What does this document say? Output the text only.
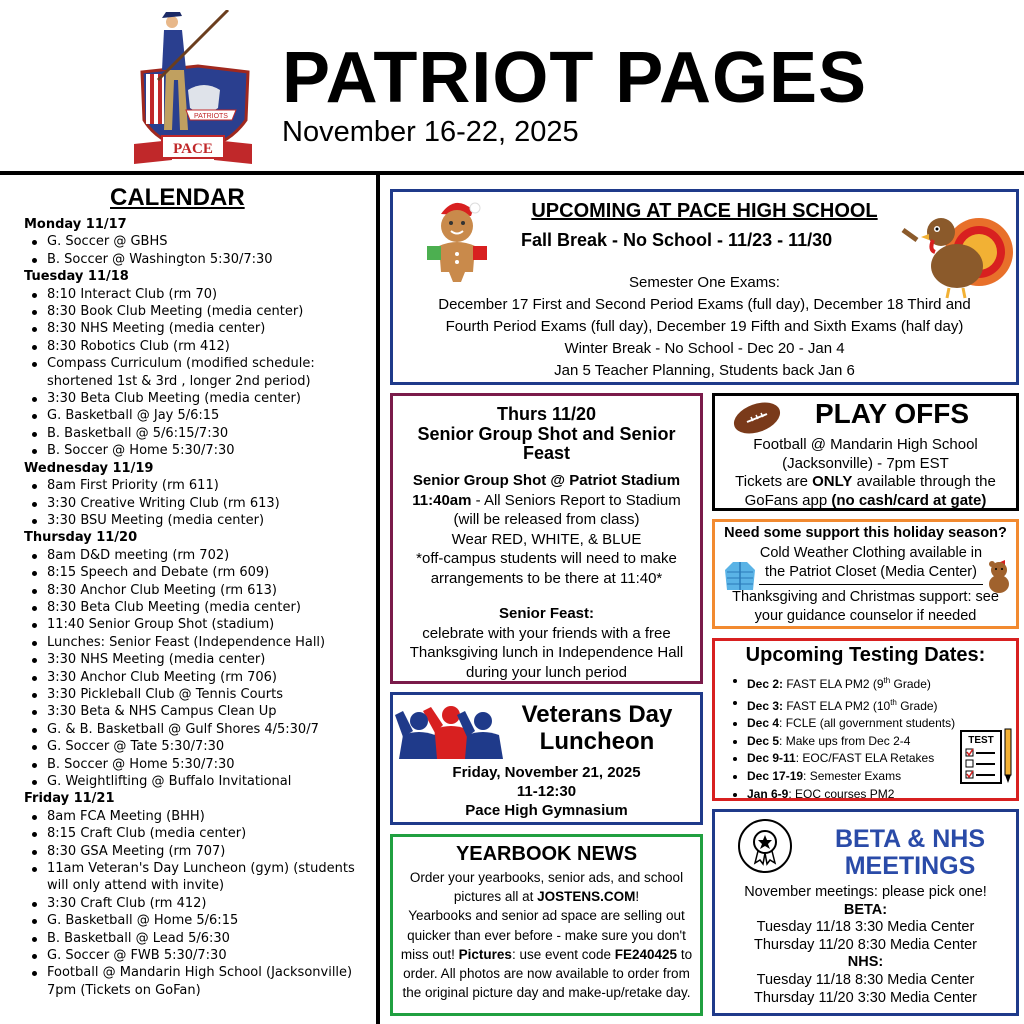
PATRIOTS
PACE
PATRIOT PAGES
November 16-22, 2025
CALENDAR
Monday 11/17
G. Soccer @ GBHS
B. Soccer @ Washington 5:30/7:30
Tuesday 11/18
8:10 Interact Club (rm 70)
8:30 Book Club Meeting (media center)
8:30 NHS Meeting (media center)
8:30 Robotics Club (rm 412)
Compass Curriculum (modified schedule: shortened 1st & 3rd , longer 2nd period)
3:30 Beta Club Meeting (media center)
G. Basketball @ Jay 5/6:15
B. Basketball @ 5/6:15/7:30
B. Soccer @ Home 5:30/7:30
Wednesday 11/19
8am First Priority (rm 611)
3:30 Creative Writing Club (rm 613)
3:30 BSU Meeting (media center)
Thursday 11/20
8am D&D meeting (rm 702)
8:15 Speech and Debate (rm 609)
8:30 Anchor Club Meeting (rm 613)
8:30 Beta Club Meeting (media center)
11:40 Senior Group Shot (stadium)
Lunches: Senior Feast (Independence Hall)
3:30 NHS Meeting (media center)
3:30 Anchor Club Meeting (rm 706)
3:30 Pickleball Club @ Tennis Courts
3:30 Beta & NHS Campus Clean Up
G. & B. Basketball @ Gulf Shores 4/5:30/7
G. Soccer @ Tate 5:30/7:30
B. Soccer @ Home 5:30/7:30
G. Weightlifting @ Buffalo Invitational
Friday 11/21
8am FCA Meeting (BHH)
8:15 Craft Club (media center)
8:30 GSA Meeting (rm 707)
11am Veteran's Day Luncheon (gym) (students will only attend with invite)
3:30 Craft Club (rm 412)
G. Basketball @ Home 5/6:15
B. Basketball @ Lead 5/6:30
G. Soccer @ FWB 5:30/7:30
Football @ Mandarin High School (Jacksonville) 7pm (Tickets on GoFan)
UPCOMING AT PACE HIGH SCHOOL
Fall Break - No School - 11/23 - 11/30
Semester One Exams:
December 17 First and Second Period Exams (full day), December 18 Third and
Fourth Period Exams (full day), December 19 Fifth and Sixth Exams (half day)
Winter Break - No School - Dec 20 - Jan 4
Jan 5 Teacher Planning, Students back Jan 6
Thurs 11/20
Senior Group Shot and Senior Feast
Senior Group Shot @ Patriot Stadium
11:40am - All Seniors Report to Stadium (will be released from class)
Wear RED, WHITE, & BLUE
*off-campus students will need to make arrangements to be there at 11:40*
Senior Feast:
celebrate with your friends with a free Thanksgiving lunch in Independence Hall during your lunch period
PLAY OFFS
Football @ Mandarin High School (Jacksonville) - 7pm EST
Tickets are ONLY available through the GoFans app (no cash/card at gate)
Need some support this holiday season?
Cold Weather Clothing available in the Patriot Closet (Media Center)
Thanksgiving and Christmas support: see your guidance counselor if needed
Upcoming Testing Dates:
Dec 2: FAST ELA PM2 (9th Grade)
Dec 3: FAST ELA PM2 (10th Grade)
Dec 4: FCLE (all government students)
Dec 5: Make ups from Dec 2-4
Dec 9-11: EOC/FAST ELA Retakes
Dec 17-19: Semester Exams
Jan 6-9: EOC courses PM2
TEST
Veterans Day
Luncheon
Friday, November 21, 2025
11-12:30
Pace High Gymnasium
YEARBOOK NEWS
Order your yearbooks, senior ads, and school pictures all at JOSTENS.COM!
Yearbooks and senior ad space are selling out quicker than ever before - make sure you don't miss out! Pictures: use event code FE240425 to order. All photos are now available to order from the original picture day and make-up/retake day.
BETA & NHS
MEETINGS
November meetings: please pick one!
BETA:
Tuesday 11/18 3:30 Media Center
Thursday 11/20 8:30 Media Center
NHS:
Tuesday 11/18 8:30 Media Center
Thursday 11/20 3:30 Media Center
